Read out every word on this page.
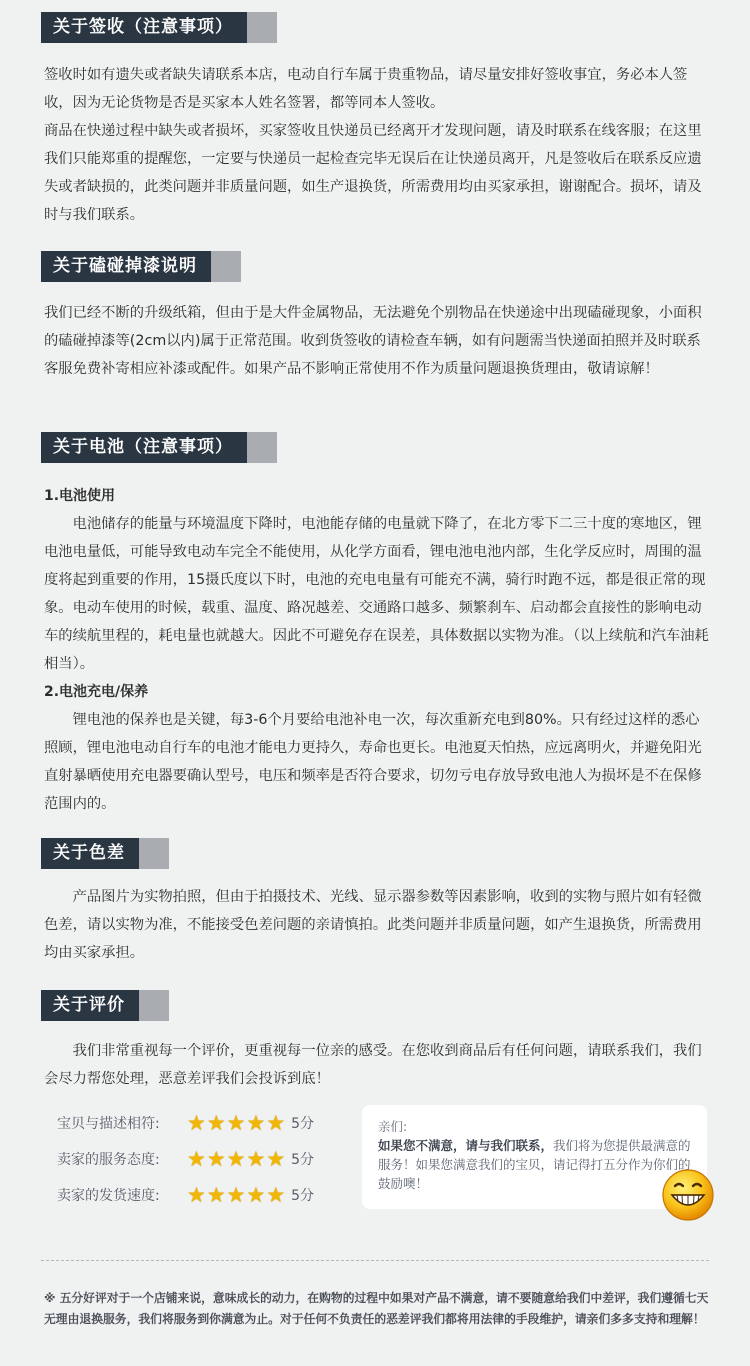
关于签收（注意事项）

签收时如有遗失或者缺失请联系本店，电动自行车属于贵重物品，请尽量安排好签收事宜，务必本人签收，因为无论货物是否是买家本人姓名签署，都等同本人签收。

商品在快递过程中缺失或者损坏，买家签收且快递员已经离开才发现问题，请及时联系在线客服；在这里我们只能郑重的提醒您，一定要与快递员一起检查完毕无误后在让快递员离开，凡是签收后在联系反应遗失或者缺损的，此类问题并非质量问题，如生产退换货，所需费用均由买家承担，谢谢配合。损坏，请及时与我们联系。

关于磕碰掉漆说明

我们已经不断的升级纸箱，但由于是大件金属物品，无法避免个别物品在快递途中出现磕碰现象，小面积的磕碰掉漆等(2cm以内)属于正常范围。收到货签收的请检查车辆，如有问题需当快递面拍照并及时联系客服免费补寄相应补漆或配件。如果产品不影响正常使用不作为质量问题退换货理由，敬请谅解！

关于电池（注意事项）

1.电池使用

电池储存的能量与环境温度下降时，电池能存储的电量就下降了，在北方零下二三十度的寒地区，锂电池电量低，可能导致电动车完全不能使用，从化学方面看，锂电池电池内部，生化学反应时，周围的温度将起到重要的作用，15摄氏度以下时，电池的充电电量有可能充不满，骑行时跑不远，都是很正常的现象。电动车使用的时候，载重、温度、路况越差、交通路口越多、频繁刹车、启动都会直接性的影响电动车的续航里程的，耗电量也就越大。因此不可避免存在误差，具体数据以实物为准。（以上续航和汽车油耗相当）。

2.电池充电/保养

锂电池的保养也是关键，每3-6个月要给电池补电一次，每次重新充电到80%。只有经过这样的悉心照顾，锂电池电动自行车的电池才能电力更持久，寿命也更长。电池夏天怕热，应远离明火，并避免阳光直射暴晒使用充电器要确认型号，电压和频率是否符合要求，切勿亏电存放导致电池人为损坏是不在保修范围内的。

关于色差

产品图片为实物拍照，但由于拍摄技术、光线、显示器参数等因素影响，收到的实物与照片如有轻微色差，请以实物为准，不能接受色差问题的亲请慎拍。此类问题并非质量问题，如产生退换货，所需费用均由买家承担。

关于评价

我们非常重视每一个评价，更重视每一位亲的感受。在您收到商品后有任何问题，请联系我们，我们会尽力帮您处理，恶意差评我们会投诉到底！

宝贝与描述相符:	★ ★ ★ ★ ★ 5分
卖家的服务态度:	★ ★ ★ ★ ★ 5分
卖家的发货速度:	★ ★ ★ ★ ★ 5分
亲们:
如果您不满意，请与我们联系，我们将为您提供最满意的服务！如果您满意我们的宝贝，请记得打五分作为你们的鼓励噢！
※ 五分好评对于一个店铺来说，意味成长的动力，在购物的过程中如果对产品不满意，请不要随意给我们中差评，我们遵循七天无理由退换服务，我们将服务到你满意为止。对于任何不负责任的恶差评我们都将用法律的手段维护，请亲们多多支持和理解！
